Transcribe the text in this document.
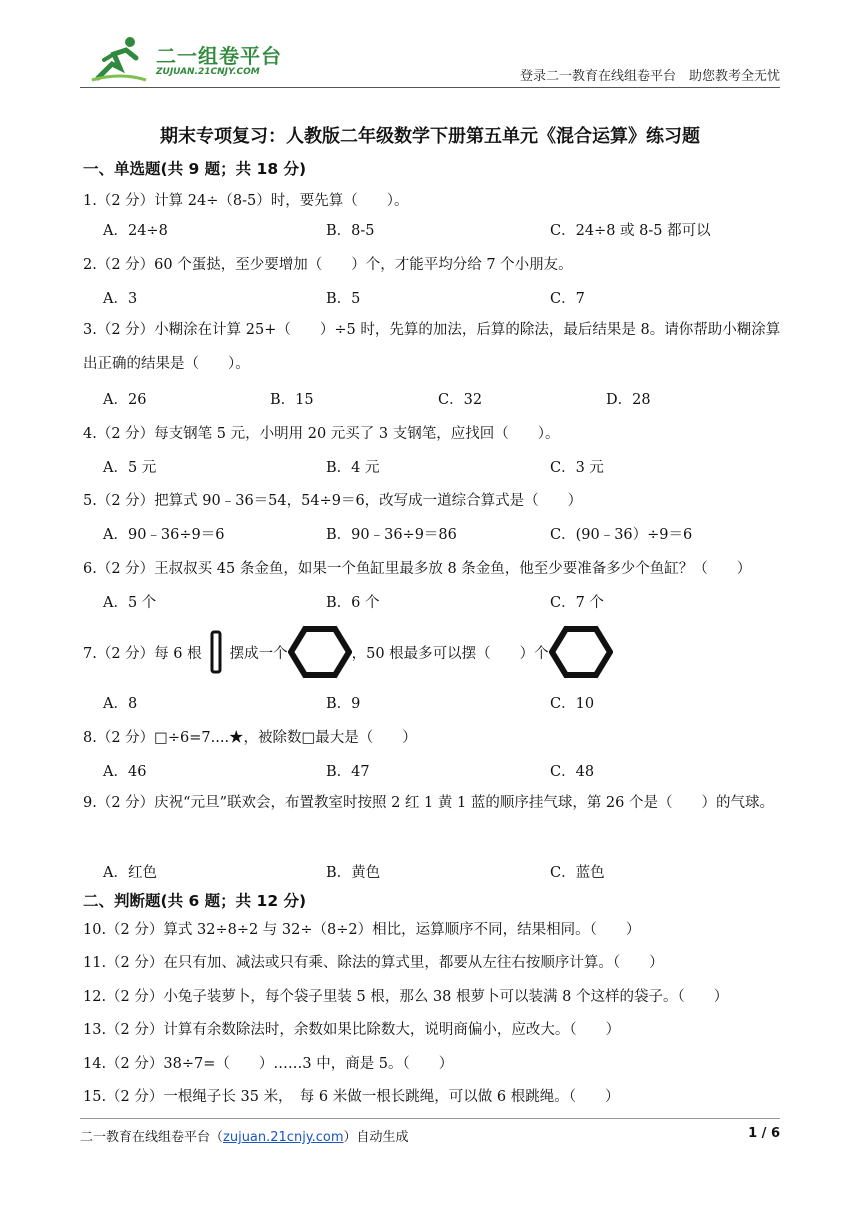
二一组卷平台
ZUJUAN.21CNJY.COM	登录二一教育在线组卷平台　助您教考全无忧
期末专项复习：人教版二年级数学下册第五单元《混合运算》练习题
一、单选题(共 9 题；共 18 分)
1.（2 分）计算 24÷（8-5）时，要先算（　　）。
A．24÷8	B．8-5	C．24÷8 或 8-5 都可以
2.（2 分）60 个蛋挞，至少要增加（　　）个，才能平均分给 7 个小朋友。
A．3	B．5	C．7
3.（2 分）小糊涂在计算 25+（　　）÷5 时，先算的加法，后算的除法，最后结果是 8。请你帮助小糊涂算出正确的结果是（　　）。
A．26	B．15	C．32	D．28
4.（2 分）每支钢笔 5 元，小明用 20 元买了 3 支钢笔，应找回（　　）。
A．5 元	B．4 元	C．3 元
5.（2 分）把算式 90﹣36＝54，54÷9＝6，改写成一道综合算式是（　　）
A．90﹣36÷9＝6	B．90﹣36÷9＝86	C．(90﹣36）÷9＝6
6.（2 分）王叔叔买 45 条金鱼，如果一个鱼缸里最多放 8 条金鱼，他至少要准备多少个鱼缸？（　　）
A．5 个	B．6 个	C．7 个
7.（2 分）每 6 根 摆成一个	，50 根最多可以摆（　　）个
A．8	B．9	C．10
8.（2 分）□÷6=7....★，被除数□最大是（　　）
A．46	B．47	C．48
9.（2 分）庆祝“元旦”联欢会，布置教室时按照 2 红 1 黄 1 蓝的顺序挂气球，第 26 个是（　　）的气球。
A．红色	B．黄色	C．蓝色
二、判断题(共 6 题；共 12 分)
10.（2 分）算式 32÷8÷2 与 32÷（8÷2）相比，运算顺序不同，结果相同。（　　）
11.（2 分）在只有加、减法或只有乘、除法的算式里，都要从左往右按顺序计算。（　　）
12.（2 分）小兔子装萝卜，每个袋子里装 5 根，那么 38 根萝卜可以装满 8 个这样的袋子。（　　）
13.（2 分）计算有余数除法时，余数如果比除数大，说明商偏小，应改大。（　　）
14.（2 分）38÷7=（　　）……3 中，商是 5。（　　）
15.（2 分）一根绳子长 35 米，　每 6 米做一根长跳绳，可以做 6 根跳绳。（　　）
二一教育在线组卷平台（zujuan.21cnjy.com）自动生成	1 / 6
